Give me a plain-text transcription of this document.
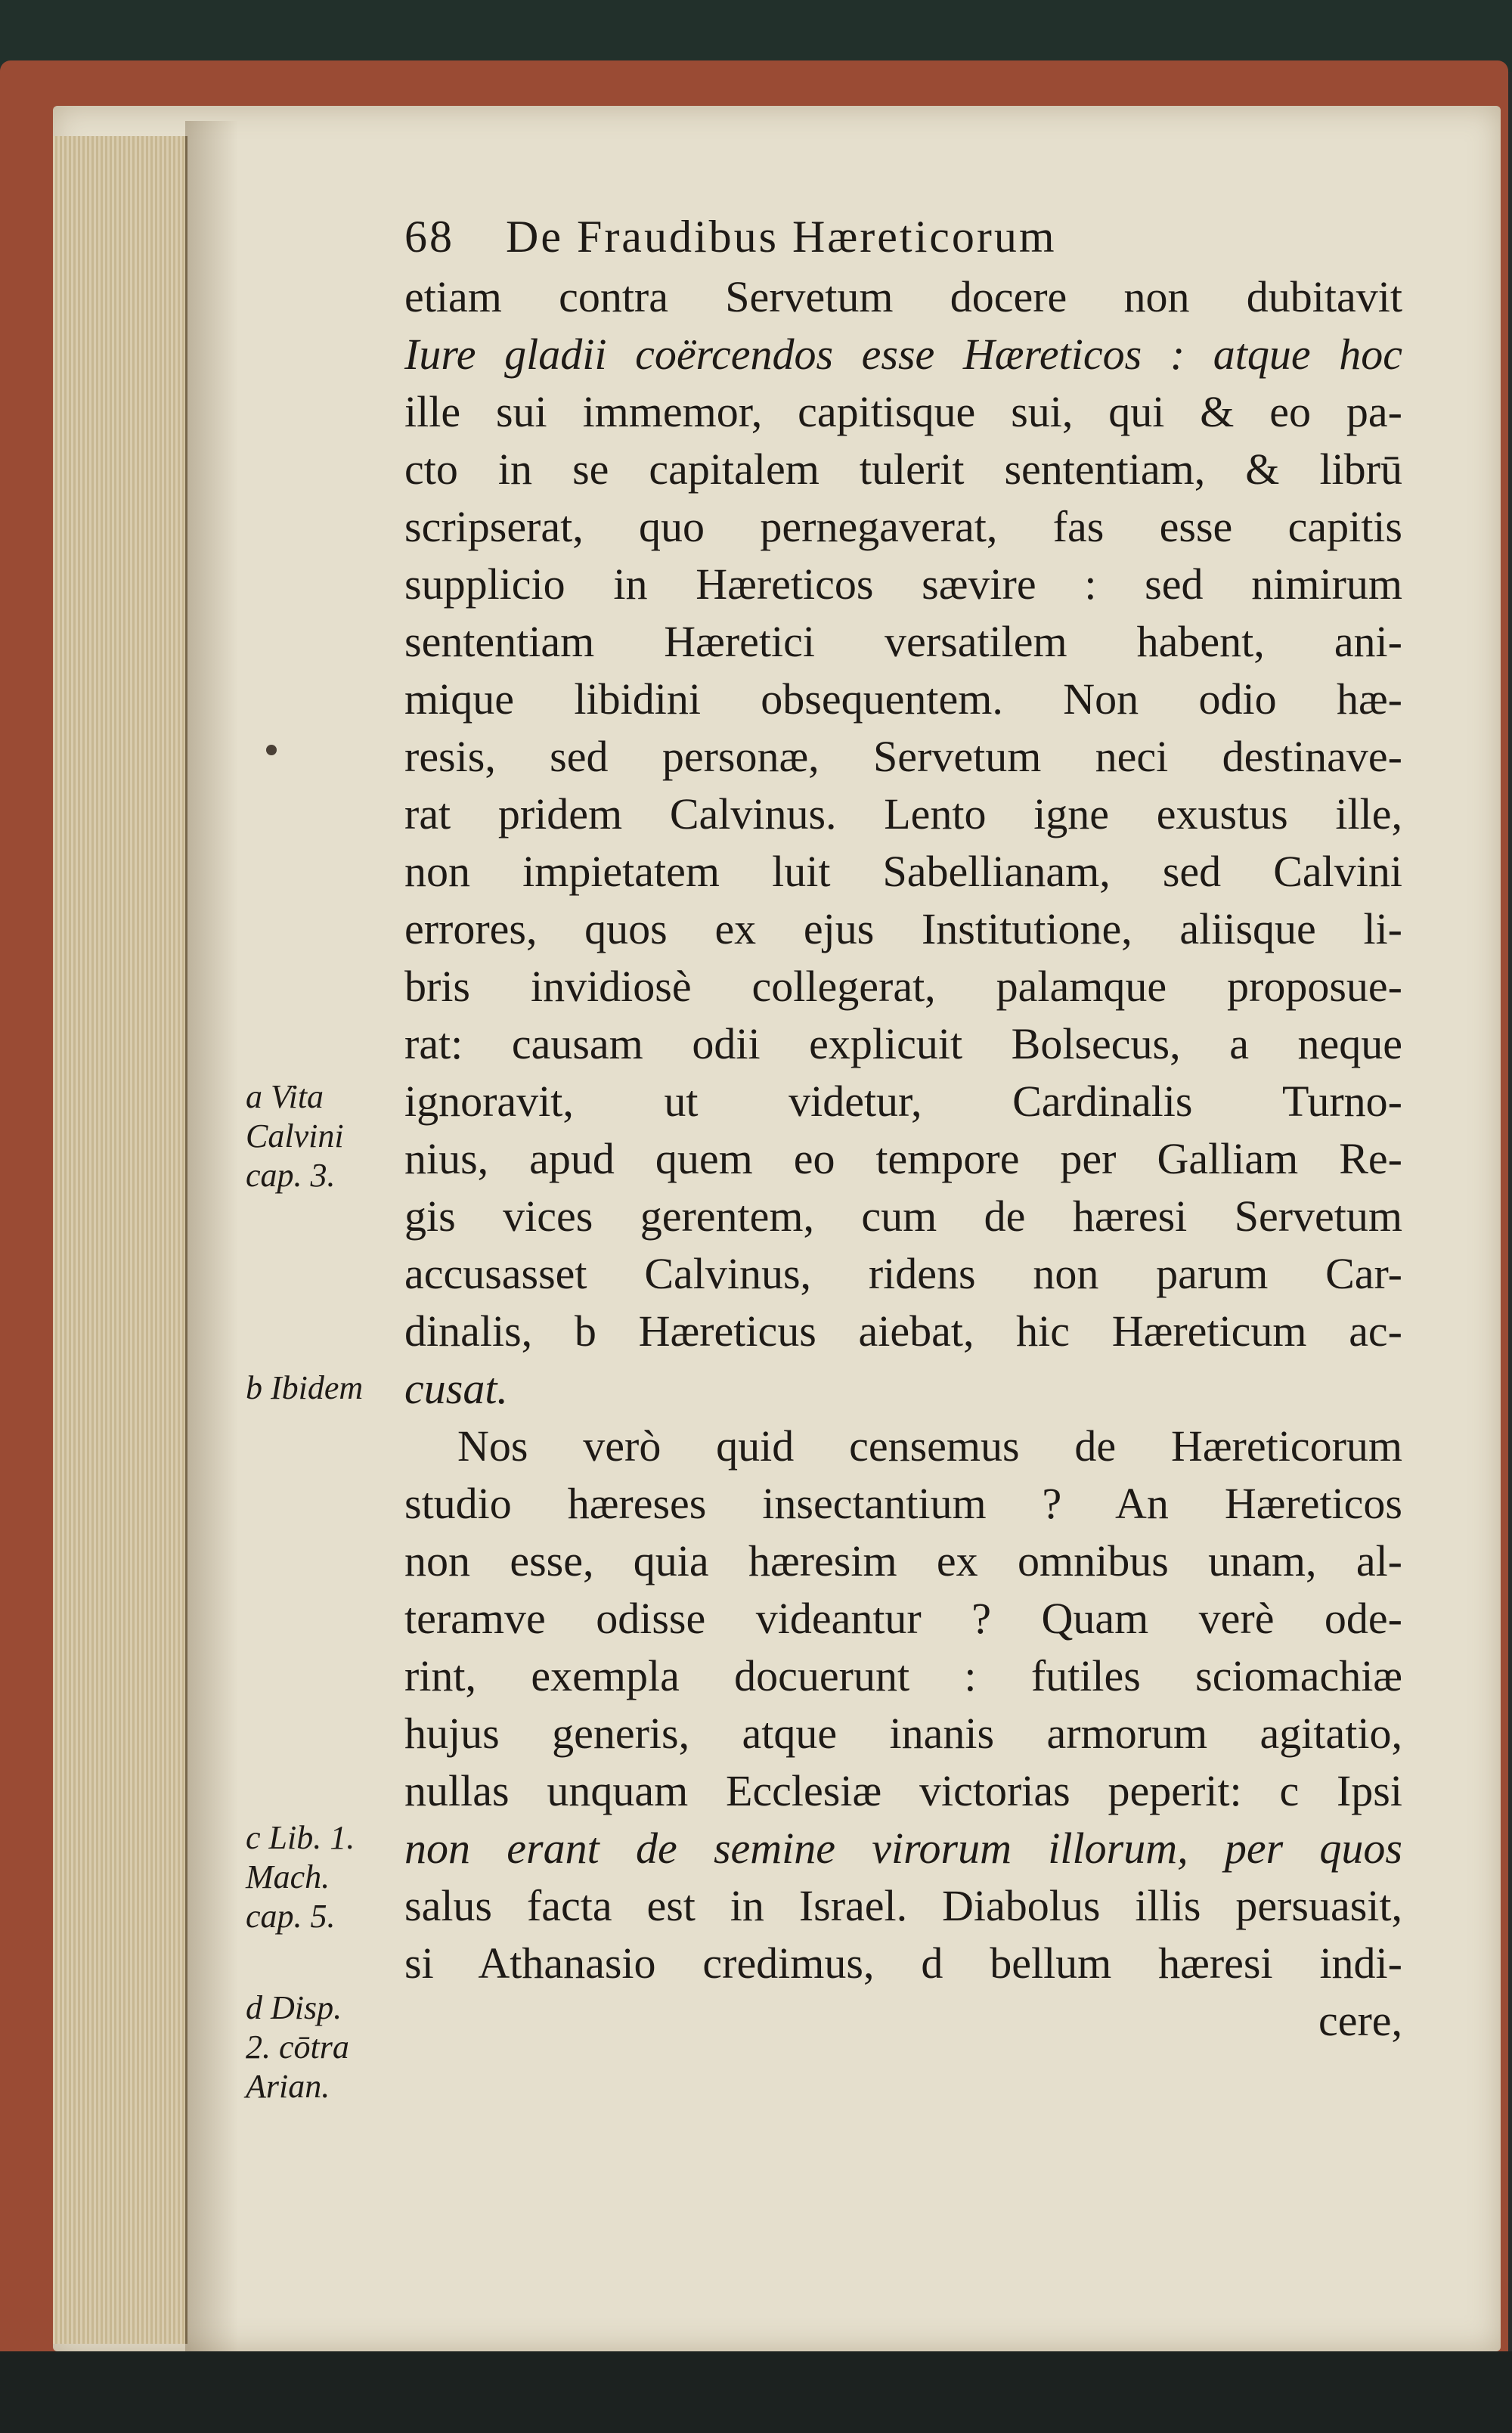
68 De Fraudibus Hæreticorum
etiam contra Servetum docere non dubitavit
Iure gladii coërcendos esse Hæreticos : atque hoc
ille sui immemor, capitisque sui, qui & eo pa-
cto in se capitalem tulerit sententiam, & librū
scripserat, quo pernegaverat, fas esse capitis
supplicio in Hæreticos sævire : sed nimirum
sententiam Hæretici versatilem habent, ani-
mique libidini obsequentem. Non odio hæ-
resis, sed personæ, Servetum neci destinave-
rat pridem Calvinus. Lento igne exustus ille,
non impietatem luit Sabellianam, sed Calvini
errores, quos ex ejus Institutione, aliisque li-
bris invidiosè collegerat, palamque proposue-
rat: causam odii explicuit Bolsecus, a neque
ignoravit, ut videtur, Cardinalis Turno-
nius, apud quem eo tempore per Galliam Re-
gis vices gerentem, cum de hæresi Servetum
accusasset Calvinus, ridens non parum Car-
dinalis, b Hæreticus aiebat, hic Hæreticum ac-
cusat.
Nos verò quid censemus de Hæreticorum
studio hæreses insectantium ? An Hæreticos
non esse, quia hæresim ex omnibus unam, al-
teramve odisse videantur ? Quam verè ode-
rint, exempla docuerunt : futiles sciomachiæ
hujus generis, atque inanis armorum agitatio,
nullas unquam Ecclesiæ victorias peperit: c Ipsi
non erant de semine virorum illorum, per quos
salus facta est in Israel. Diabolus illis persuasit,
si Athanasio credimus, d bellum hæresi indi-
cere,
a Vita
Calvini
cap. 3.
b Ibidem
c Lib. 1.
Mach.
cap. 5.
d Disp.
2. cōtra
Arian.
